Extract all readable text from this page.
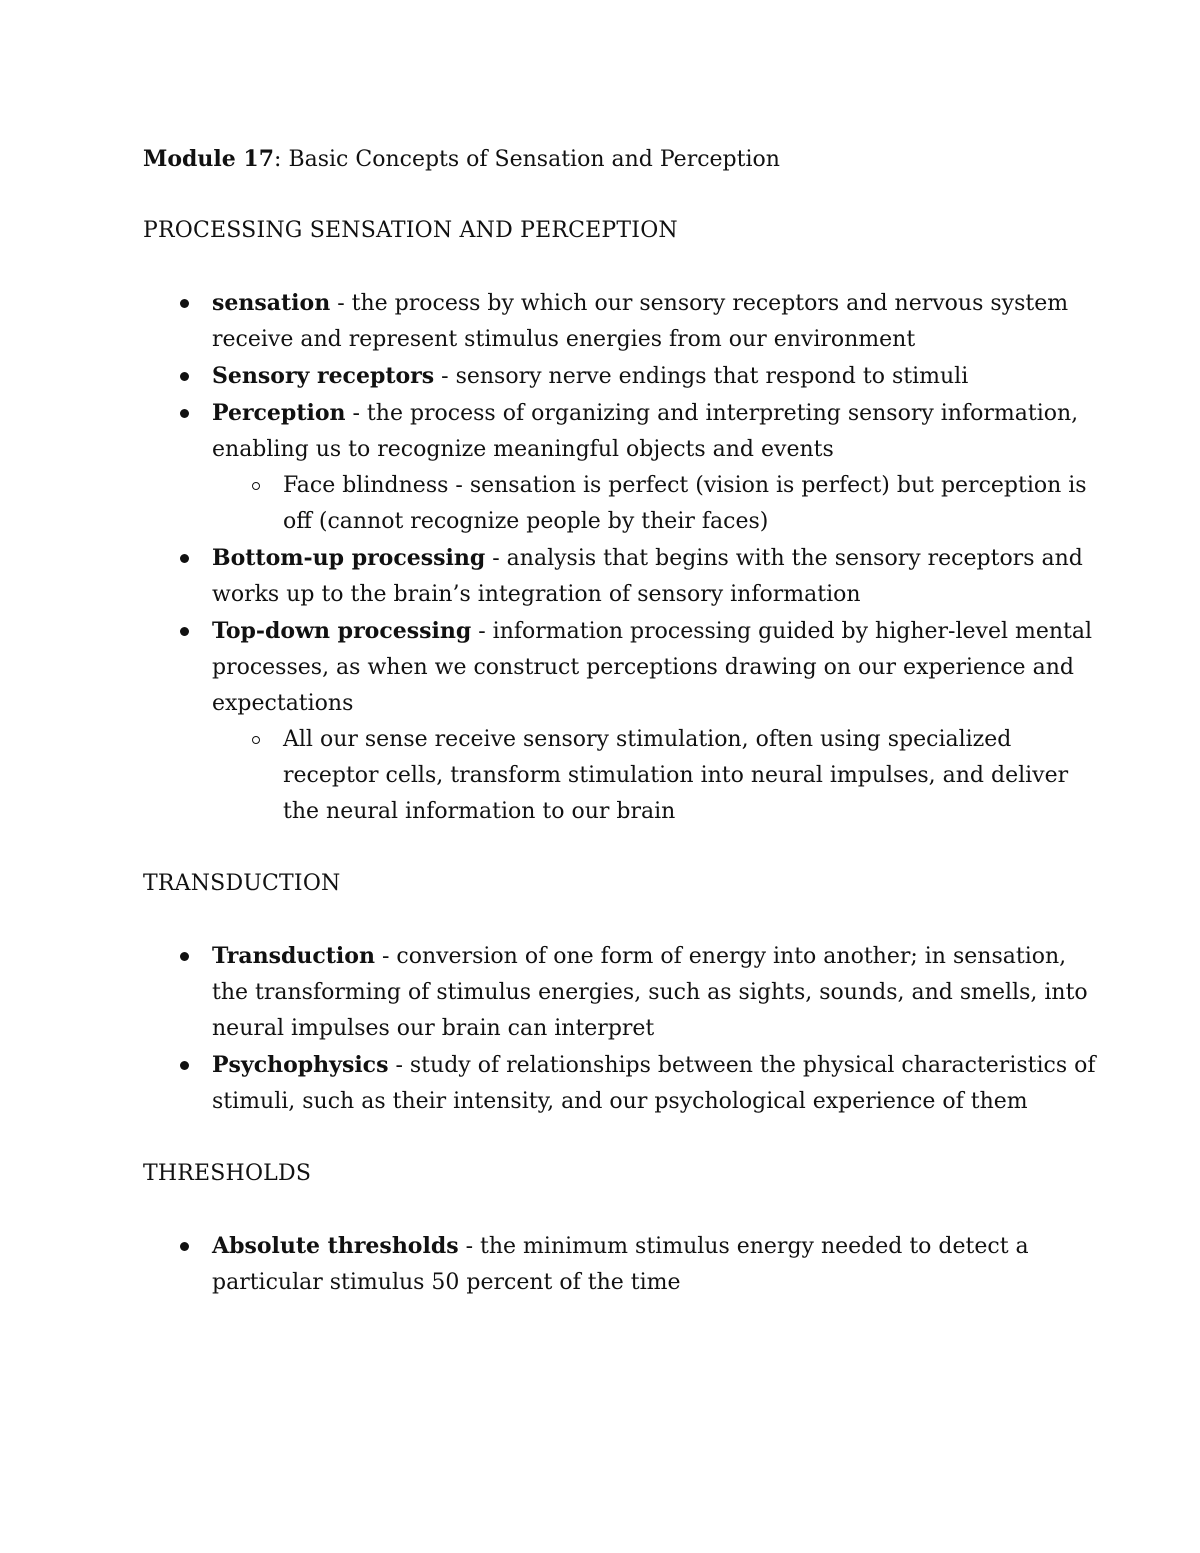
Module 17: Basic Concepts of Sensation and Perception

PROCESSING SENSATION AND PERCEPTION

sensation - the process by which our sensory receptors and nervous system receive and represent stimulus energies from our environment
Sensory receptors - sensory nerve endings that respond to stimuli
Perception - the process of organizing and interpreting sensory information, enabling us to recognize meaningful objects and events
Face blindness - sensation is perfect (vision is perfect) but perception is off (cannot recognize people by their faces)
Bottom-up processing - analysis that begins with the sensory receptors and works up to the brain’s integration of sensory information
Top-down processing - information processing guided by higher-level mental processes, as when we construct perceptions drawing on our experience and expectations
All our sense receive sensory stimulation, often using specialized receptor cells, transform stimulation into neural impulses, and deliver the neural information to our brain

TRANSDUCTION

Transduction - conversion of one form of energy into another; in sensation, the transforming of stimulus energies, such as sights, sounds, and smells, into neural impulses our brain can interpret
Psychophysics - study of relationships between the physical characteristics of stimuli, such as their intensity, and our psychological experience of them

THRESHOLDS

Absolute thresholds - the minimum stimulus energy needed to detect a particular stimulus 50 percent of the time
